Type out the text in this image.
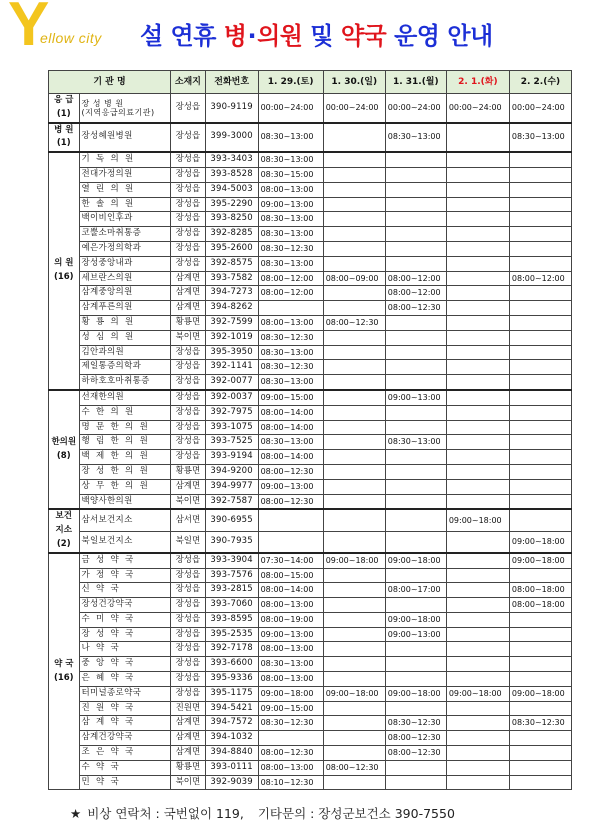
Y
ellow city 설 연휴 병·의원 및 약국 운영 안내
기 관 명		소재지	전화번호	1. 29.(토)	1. 30.(일)	1. 31.(월)	2. 1.(화)	2. 2.(수)
응 급
(1)	장 성 병 원
(지역응급의료기관)	장성읍	390-9119	00:00~24:00	00:00~24:00	00:00~24:00	00:00~24:00	00:00~24:00
병 원
(1)	장성혜원병원	장성읍	399-3000	08:30~13:00		08:30~13:00		08:30~13:00
의 원
(16)	기 독 의 원	장성읍	393-3403	08:30~13:00				
	전대가정의원	장성읍	393-8528	08:30~15:00				
	열 린 의 원	장성읍	394-5003	08:00~13:00				
	한 솔 의 원	장성읍	395-2290	09:00~13:00				
	백이비인후과	장성읍	393-8250	08:30~13:00				
	코뿔소마취통증	장성읍	392-8285	08:30~13:00				
	예은가정의학과	장성읍	395-2600	08:30~12:30				
	장성중앙내과	장성읍	392-8575	08:30~13:00				
	세브란스의원	삼계면	393-7582	08:00~12:00	08:00~09:00	08:00~12:00		08:00~12:00
	삼계중앙의원	삼계면	394-7273	08:00~12:00		08:00~12:00		
	삼계푸른의원	삼계면	394-8262			08:00~12:30		
	황 룡 의 원	황룡면	392-7599	08:00~13:00	08:00~12:30			
	성 심 의 원	북이면	392-1019	08:30~12:30				
	김안과의원	장성읍	395-3950	08:30~13:00				
	제일통증의학과	장성읍	392-1141	08:30~12:30				
	하하호호마취통증	장성읍	392-0077	08:30~13:00				
한의원
(8)	선재한의원	장성읍	392-0037	09:00~15:00		09:00~13:00		
	수 한 의 원	장성읍	392-7975	08:00~14:00				
	명 문 한 의 원	장성읍	393-1075	08:00~14:00				
	행 림 한 의 원	장성읍	393-7525	08:30~13:00		08:30~13:00		
	백 제 한 의 원	장성읍	393-9194	08:00~14:00				
	장 성 한 의 원	황룡면	394-9200	08:00~12:30				
	상 무 한 의 원	삼계면	394-9977	09:00~13:00				
	백양사한의원	북이면	392-7587	08:00~12:30				
보건
지소
(2)	삼서보건지소	삼서면	390-6955				09:00~18:00	
	북일보건지소	북일면	390-7935					09:00~18:00
약 국
(16)	금 성 약 국	장성읍	393-3904	07:30~14:00	09:00~18:00	09:00~18:00		09:00~18:00
	가 정 약 국	장성읍	393-7576	08:00~15:00				
	신 약 국	장성읍	393-2815	08:00~14:00		08:00~17:00		08:00~18:00
	장성건강약국	장성읍	393-7060	08:00~13:00				08:00~18:00
	수 미 약 국	장성읍	393-8595	08:00~19:00		09:00~18:00		
	장 성 약 국	장성읍	395-2535	09:00~13:00		09:00~13:00		
	나 약 국	장성읍	392-7178	08:00~13:00				
	중 앙 약 국	장성읍	393-6600	08:30~13:00				
	은 혜 약 국	장성읍	395-9336	08:00~13:00				
	터미널종로약국	장성읍	395-1175	09:00~18:00	09:00~18:00	09:00~18:00	09:00~18:00	09:00~18:00
	진 원 약 국	진원면	394-5421	09:00~15:00				
	삼 계 약 국	삼계면	394-7572	08:30~12:30		08:30~12:30		08:30~12:30
	삼계건강약국	삼계면	394-1032			08:00~12:30		
	조 은 약 국	삼계면	394-8840	08:00~12:30		08:00~12:30		
	수 약 국	황룡면	393-0111	08:00~13:00	08:00~12:30			
	민 약 국	북이면	392-9039	08:10~12:30				
★ 비상 연락처 : 국번없이 119, 기타문의 : 장성군보건소 390-7550
